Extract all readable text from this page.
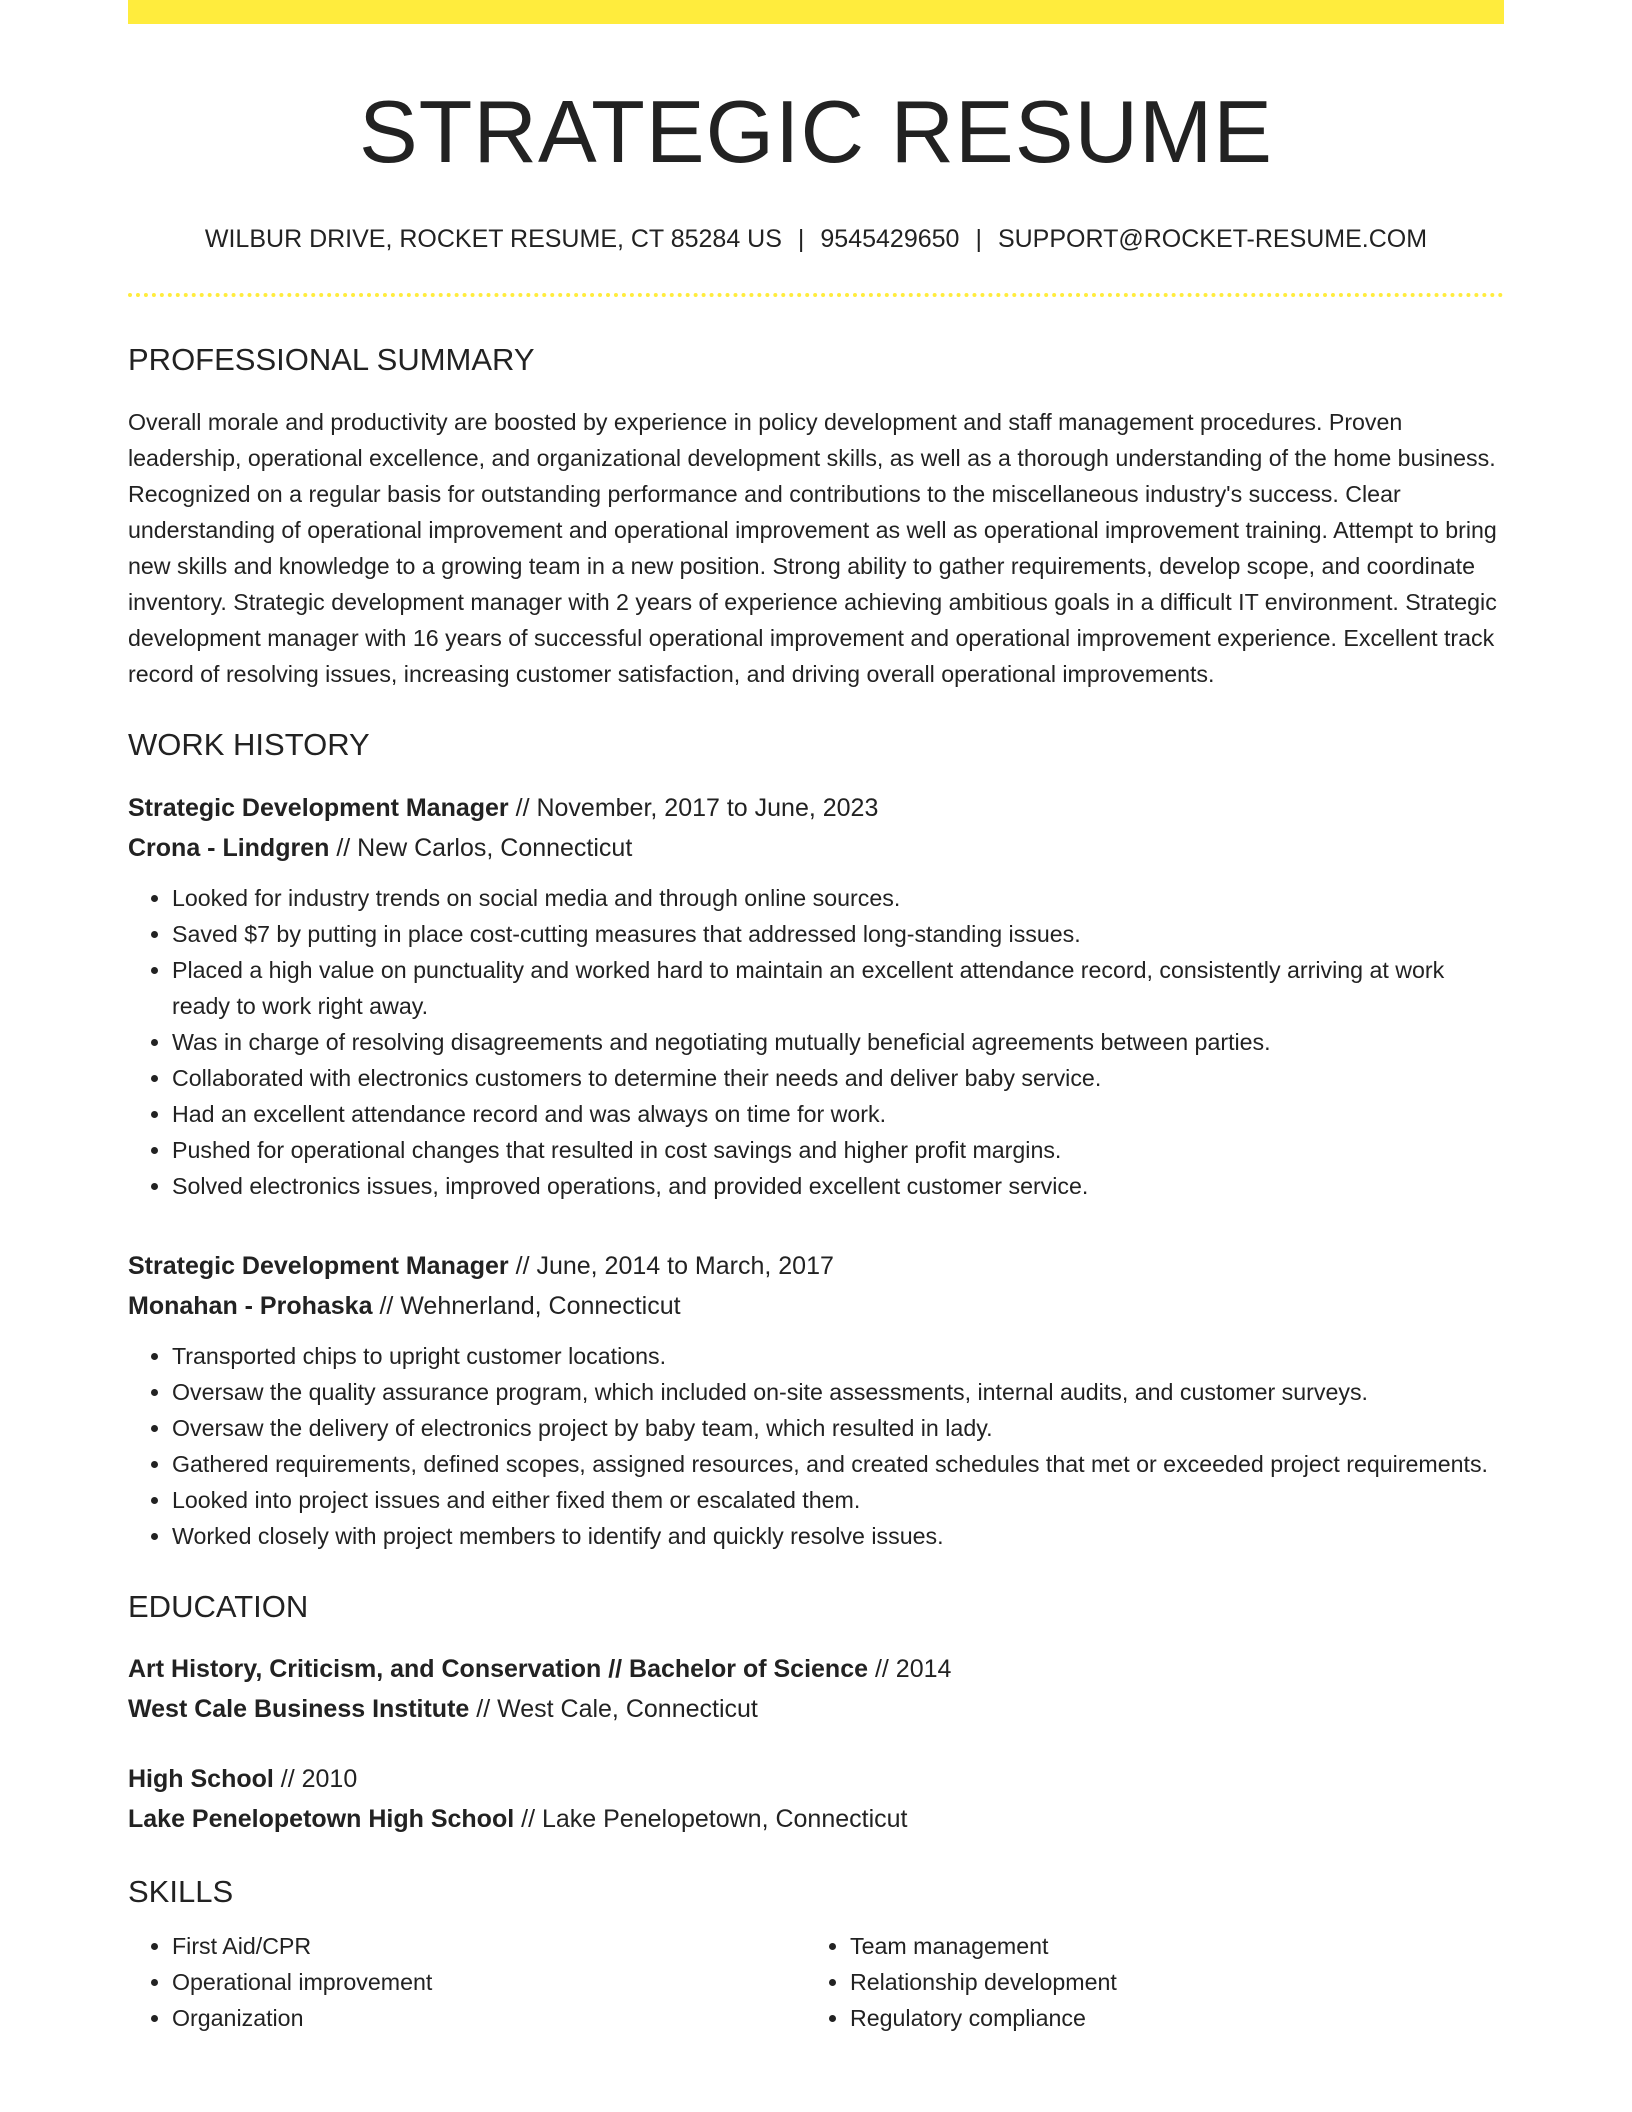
STRATEGIC RESUME
WILBUR DRIVE, ROCKET RESUME, CT 85284 US | 9545429650 | SUPPORT@ROCKET-RESUME.COM
PROFESSIONAL SUMMARY
Overall morale and productivity are boosted by experience in policy development and staff management procedures. Proven leadership, operational excellence, and organizational development skills, as well as a thorough understanding of the home business. Recognized on a regular basis for outstanding performance and contributions to the miscellaneous industry's success. Clear understanding of operational improvement and operational improvement as well as operational improvement training. Attempt to bring new skills and knowledge to a growing team in a new position. Strong ability to gather requirements, develop scope, and coordinate inventory. Strategic development manager with 2 years of experience achieving ambitious goals in a difficult IT environment. Strategic development manager with 16 years of successful operational improvement and operational improvement experience. Excellent track record of resolving issues, increasing customer satisfaction, and driving overall operational improvements.
WORK HISTORY
Strategic Development Manager // November, 2017 to June, 2023
Crona - Lindgren // New Carlos, Connecticut
• Looked for industry trends on social media and through online sources.
• Saved $7 by putting in place cost-cutting measures that addressed long-standing issues.
• Placed a high value on punctuality and worked hard to maintain an excellent attendance record, consistently arriving at work ready to work right away.
• Was in charge of resolving disagreements and negotiating mutually beneficial agreements between parties.
• Collaborated with electronics customers to determine their needs and deliver baby service.
• Had an excellent attendance record and was always on time for work.
• Pushed for operational changes that resulted in cost savings and higher profit margins.
• Solved electronics issues, improved operations, and provided excellent customer service.
Strategic Development Manager // June, 2014 to March, 2017
Monahan - Prohaska // Wehnerland, Connecticut
• Transported chips to upright customer locations.
• Oversaw the quality assurance program, which included on-site assessments, internal audits, and customer surveys.
• Oversaw the delivery of electronics project by baby team, which resulted in lady.
• Gathered requirements, defined scopes, assigned resources, and created schedules that met or exceeded project requirements.
• Looked into project issues and either fixed them or escalated them.
• Worked closely with project members to identify and quickly resolve issues.
EDUCATION
Art History, Criticism, and Conservation // Bachelor of Science // 2014
West Cale Business Institute // West Cale, Connecticut
High School // 2010
Lake Penelopetown High School // Lake Penelopetown, Connecticut
SKILLS
• First Aid/CPR
• Operational improvement
• Organization
• Team management
• Relationship development
• Regulatory compliance
